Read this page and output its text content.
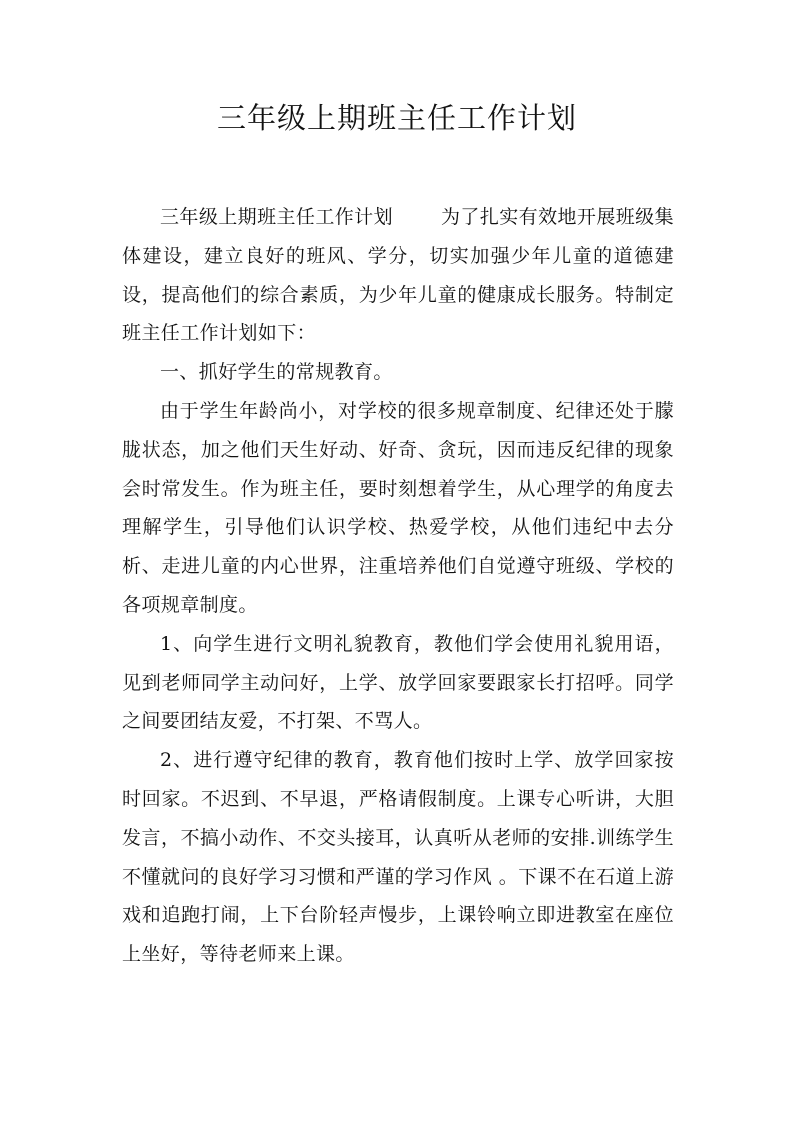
三年级上期班主任工作计划

三年级上期班主任工作计划	为了扎实有效地开展班级集体建设，建立良好的班风、学分，切实加强少年儿童的道德建设，提高他们的综合素质，为少年儿童的健康成长服务。特制定班主任工作计划如下：

一、抓好学生的常规教育。

由于学生年龄尚小，对学校的很多规章制度、纪律还处于朦胧状态，加之他们天生好动、好奇、贪玩，因而违反纪律的现象会时常发生。作为班主任，要时刻想着学生，从心理学的角度去理解学生，引导他们认识学校、热爱学校，从他们违纪中去分析、走进儿童的内心世界，注重培养他们自觉遵守班级、学校的各项规章制度。

1、向学生进行文明礼貌教育，教他们学会使用礼貌用语，见到老师同学主动问好，上学、放学回家要跟家长打招呼。同学之间要团结友爱，不打架、不骂人。

2、进行遵守纪律的教育，教育他们按时上学、放学回家按时回家。不迟到、不早退，严格请假制度。上课专心听讲，大胆发言，不搞小动作、不交头接耳，认真听从老师的安排.训练学生不懂就问的良好学习习惯和严谨的学习作风 。下课不在石道上游戏和追跑打闹，上下台阶轻声慢步，上课铃响立即进教室在座位上坐好，等待老师来上课。
